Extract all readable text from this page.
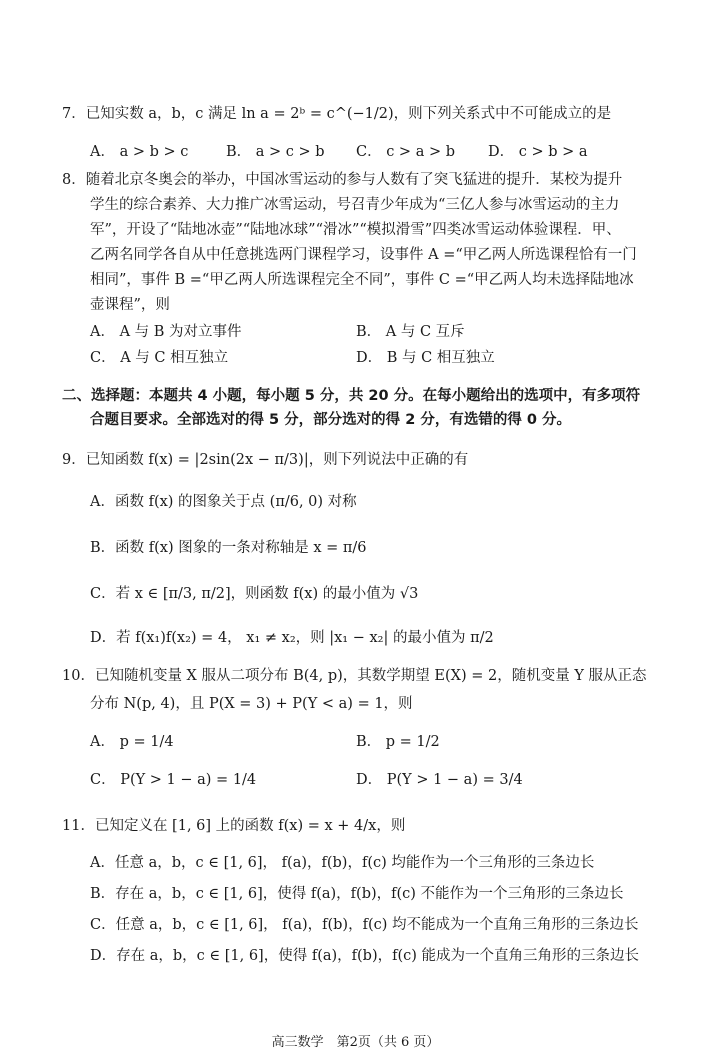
7．已知实数 a，b，c 满足 ln a = 2ᵇ = c^(−1/2)，则下列关系式中不可能成立的是
A． a > b > c	B． a > c > b C． c > a > b D． c > b > a
8．随着北京冬奥会的举办，中国冰雪运动的参与人数有了突飞猛进的提升．某校为提升
学生的综合素养、大力推广冰雪运动，号召青少年成为“三亿人参与冰雪运动的主力
军”，开设了“陆地冰壶”“陆地冰球”“滑冰”“模拟滑雪”四类冰雪运动体验课程．甲、
乙两名同学各自从中任意挑选两门课程学习，设事件 A =“甲乙两人所选课程恰有一门
相同”，事件 B =“甲乙两人所选课程完全不同”，事件 C =“甲乙两人均未选择陆地冰
壶课程”，则
A． A 与 B 为对立事件	B． A 与 C 互斥
C． A 与 C 相互独立	D． B 与 C 相互独立
二、选择题：本题共 4 小题，每小题 5 分，共 20 分。在每小题给出的选项中，有多项符
合题目要求。全部选对的得 5 分，部分选对的得 2 分，有选错的得 0 分。
9．已知函数 f(x) = |2sin(2x − π/3)|，则下列说法中正确的有
A．函数 f(x) 的图象关于点 (π/6, 0) 对称
B．函数 f(x) 图象的一条对称轴是 x = π/6
C．若 x ∈ [π/3, π/2]，则函数 f(x) 的最小值为 √3
D．若 f(x₁)f(x₂) = 4， x₁ ≠ x₂，则 |x₁ − x₂| 的最小值为 π/2
10．已知随机变量 X 服从二项分布 B(4, p)，其数学期望 E(X) = 2，随机变量 Y 服从正态
分布 N(p, 4)，且 P(X = 3) + P(Y < a) = 1，则
A． p = 1/4	B． p = 1/2
C． P(Y > 1 − a) = 1/4	D． P(Y > 1 − a) = 3/4
11．已知定义在 [1, 6] 上的函数 f(x) = x + 4/x，则
A．任意 a，b，c ∈ [1, 6]， f(a)，f(b)，f(c) 均能作为一个三角形的三条边长
B．存在 a，b，c ∈ [1, 6]，使得 f(a)，f(b)，f(c) 不能作为一个三角形的三条边长
C．任意 a，b，c ∈ [1, 6]， f(a)，f(b)，f(c) 均不能成为一个直角三角形的三条边长
D．存在 a，b，c ∈ [1, 6]，使得 f(a)，f(b)，f(c) 能成为一个直角三角形的三条边长
高三数学　第2页（共 6 页）
